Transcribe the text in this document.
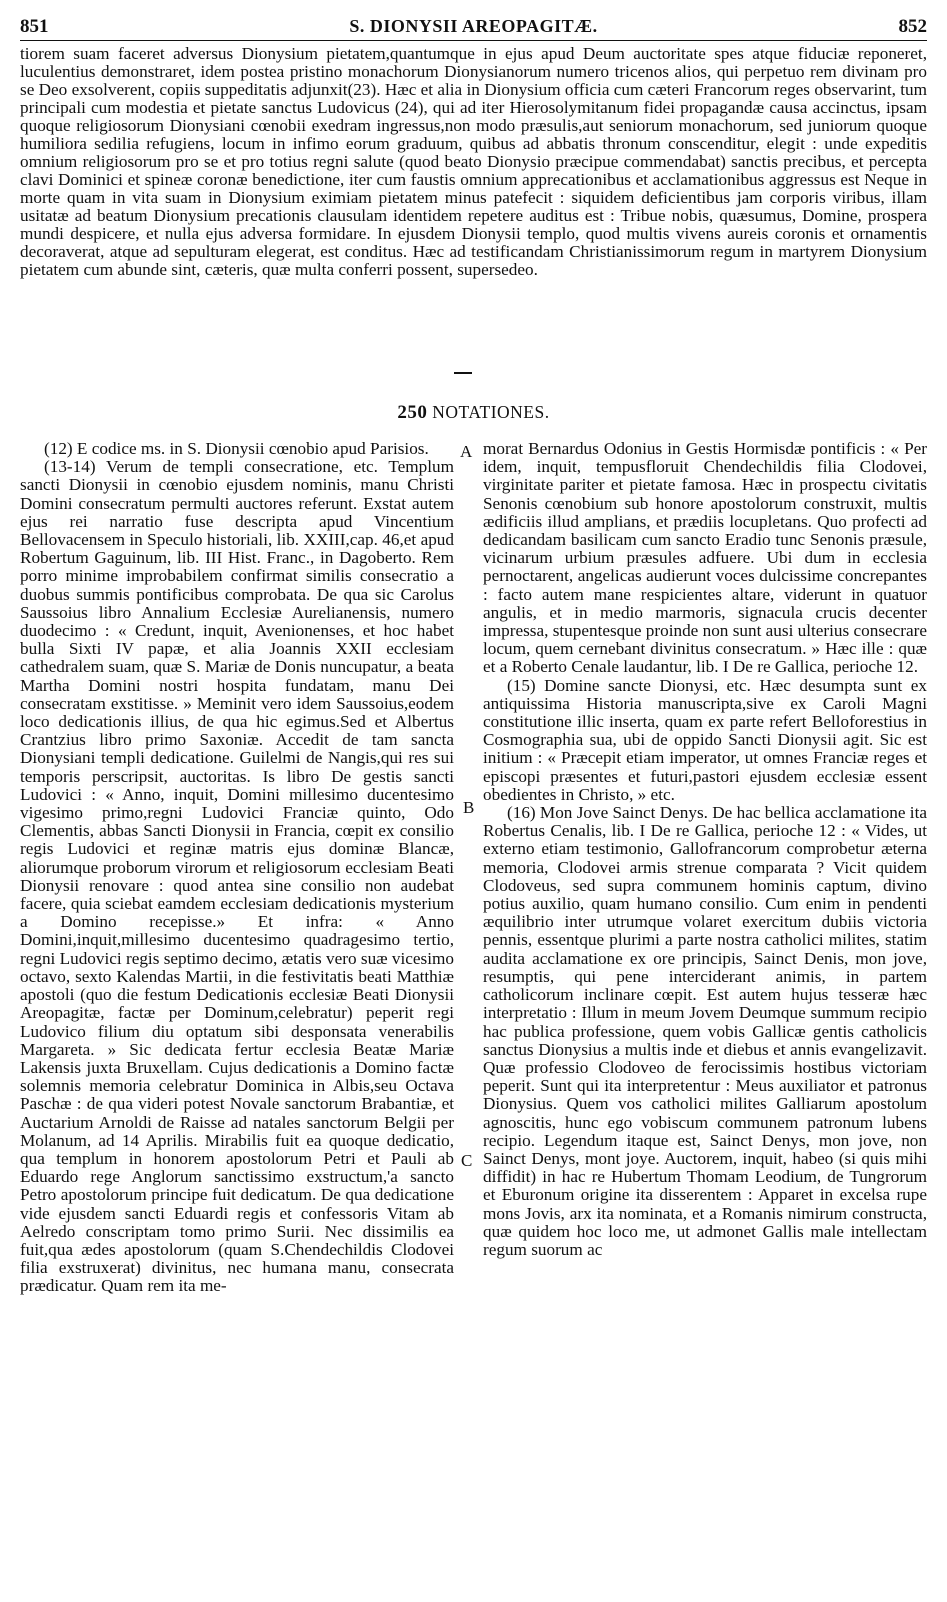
851	S. DIONYSII AREOPAGITÆ.	852

tiorem suam faceret adversus Dionysium pietatem,quantumque in ejus apud Deum auctoritate spes atque fiduciæ reponeret, luculentius demonstraret, idem postea pristino monachorum Dionysianorum numero tricenos alios, qui perpetuo rem divinam pro se Deo exsolverent, copiis suppeditatis adjunxit(23). Hæc et alia in Dionysium officia cum cæteri Francorum reges observarint, tum principali cum modestia et pietate sanctus Ludovicus (24), qui ad iter Hierosolymitanum fidei propagandæ causa accinctus, ipsam quoque religiosorum Dionysiani cœnobii exedram ingressus,non modo præsulis,aut seniorum monachorum, sed juniorum quoque humiliora sedilia refugiens, locum in infimo eorum graduum, quibus ad abbatis thronum conscenditur, elegit : unde expeditis omnium religiosorum pro se et pro totius regni salute (quod beato Dionysio præcipue commendabat) sanctis precibus, et percepta clavi Dominici et spineæ coronæ benedictione, iter cum faustis omnium apprecationibus et acclamationibus aggressus est Neque in morte quam in vita suam in Dionysium eximiam pietatem minus patefecit : siquidem deficientibus jam corporis viribus, illam usitatæ ad beatum Dionysium precationis clausulam identidem repetere auditus est : Tribue nobis, quæsumus, Domine, prospera mundi despicere, et nulla ejus adversa formidare. In ejusdem Dionysii templo, quod multis vivens aureis coronis et ornamentis decoraverat, atque ad sepulturam elegerat, est conditus. Hæc ad testificandam Christianissimorum regum in martyrem Dionysium pietatem cum abunde sint, cæteris, quæ multa conferri possent, supersedeo.

250 NOTATIONES.
A
B
C

(12) E codice ms. in S. Dionysii cœnobio apud Parisios.

(13-14) Verum de templi consecratione, etc. Templum sancti Dionysii in cœnobio ejusdem nominis, manu Christi Domini consecratum permulti auctores referunt. Exstat autem ejus rei narratio fuse descripta apud Vincentium Bellovacensem in Speculo historiali, lib. XXIII,cap. 46,et apud Robertum Gaguinum, lib. III Hist. Franc., in Dagoberto. Rem porro minime improbabilem confirmat similis consecratio a duobus summis pontificibus comprobata. De qua sic Carolus Saussoius libro Annalium Ecclesiæ Aurelianensis, numero duodecimo : « Credunt, inquit, Avenionenses, et hoc habet bulla Sixti IV papæ, et alia Joannis XXII ecclesiam cathedralem suam, quæ S. Mariæ de Donis nuncupatur, a beata Martha Domini nostri hospita fundatam, manu Dei consecratam exstitisse. » Meminit vero idem Saussoius,eodem loco dedicationis illius, de qua hic egimus.Sed et Albertus Crantzius libro primo Saxoniæ. Accedit de tam sancta Dionysiani templi dedicatione. Guilelmi de Nangis,qui res sui temporis perscripsit, auctoritas. Is libro De gestis sancti Ludovici : « Anno, inquit, Domini millesimo ducentesimo vigesimo primo,regni Ludovici Franciæ quinto, Odo Clementis, abbas Sancti Dionysii in Francia, cœpit ex consilio regis Ludovici et reginæ matris ejus dominæ Blancæ, aliorumque proborum virorum et religiosorum ecclesiam Beati Dionysii renovare : quod antea sine consilio non audebat facere, quia sciebat eamdem ecclesiam dedicationis mysterium a Domino recepisse.» Et infra: « Anno Domini,inquit,millesimo ducentesimo quadragesimo tertio, regni Ludovici regis septimo decimo, ætatis vero suæ vicesimo octavo, sexto Kalendas Martii, in die festivitatis beati Matthiæ apostoli (quo die festum Dedicationis ecclesiæ Beati Dionysii Areopagitæ, factæ per Dominum,celebratur) peperit regi Ludovico filium diu optatum sibi desponsata venerabilis Margareta. » Sic dedicata fertur ecclesia Beatæ Mariæ Lakensis juxta Bruxellam. Cujus dedicationis a Domino factæ solemnis memoria celebratur Dominica in Albis,seu Octava Paschæ : de qua videri potest Novale sanctorum Brabantiæ, et Auctarium Arnoldi de Raisse ad natales sanctorum Belgii per Molanum, ad 14 Aprilis. Mirabilis fuit ea quoque dedicatio, qua templum in honorem apostolorum Petri et Pauli ab Eduardo rege Anglorum sanctissimo exstructum,'a sancto Petro apostolorum principe fuit dedicatum. De qua dedicatione vide ejusdem sancti Eduardi regis et confessoris Vitam ab Aelredo conscriptam tomo primo Surii. Nec dissimilis ea fuit,qua ædes apostolorum (quam S.Chendechildis Clodovei filia exstruxerat) divinitus, nec humana manu, consecrata prædicatur. Quam rem ita me-

morat Bernardus Odonius in Gestis Hormisdæ pontificis : « Per idem, inquit, tempusfloruit Chendechildis filia Clodovei, virginitate pariter et pietate famosa. Hæc in prospectu civitatis Senonis cœnobium sub honore apostolorum construxit, multis ædificiis illud amplians, et prædiis locupletans. Quo profecti ad dedicandam basilicam cum sancto Eradio tunc Senonis præsule, vicinarum urbium præsules adfuere. Ubi dum in ecclesia pernoctarent, angelicas audierunt voces dulcissime concrepantes : facto autem mane respicientes altare, viderunt in quatuor angulis, et in medio marmoris, signacula crucis decenter impressa, stupentesque proinde non sunt ausi ulterius consecrare locum, quem cernebant divinitus consecratum. » Hæc ille : quæ et a Roberto Cenale laudantur, lib. I De re Gallica, perioche 12.

(15) Domine sancte Dionysi, etc. Hæc desumpta sunt ex antiquissima Historia manuscripta,sive ex Caroli Magni constitutione illic inserta, quam ex parte refert Belloforestius in Cosmographia sua, ubi de oppido Sancti Dionysii agit. Sic est initium : « Præcepit etiam imperator, ut omnes Franciæ reges et episcopi præsentes et futuri,pastori ejusdem ecclesiæ essent obedientes in Christo, » etc.

(16) Mon Jove Sainct Denys. De hac bellica acclamatione ita Robertus Cenalis, lib. I De re Gallica, perioche 12 : « Vides, ut externo etiam testimonio, Gallofrancorum comprobetur æterna memoria, Clodovei armis strenue comparata ? Vicit quidem Clodoveus, sed supra communem hominis captum, divino potius auxilio, quam humano consilio. Cum enim in pendenti æquilibrio inter utrumque volaret exercitum dubiis victoria pennis, essentque plurimi a parte nostra catholici milites, statim audita acclamatione ex ore principis, Sainct Denis, mon jove, resumptis, qui pene interciderant animis, in partem catholicorum inclinare cœpit. Est autem hujus tesseræ hæc interpretatio : Illum in meum Jovem Deumque summum recipio hac publica professione, quem vobis Gallicæ gentis catholicis sanctus Dionysius a multis inde et diebus et annis evangelizavit. Quæ professio Clodoveo de ferocissimis hostibus victoriam peperit. Sunt qui ita interpretentur : Meus auxiliator et patronus Dionysius. Quem vos catholici milites Galliarum apostolum agnoscitis, hunc ego vobiscum communem patronum lubens recipio. Legendum itaque est, Sainct Denys, mon jove, non Sainct Denys, mont joye. Auctorem, inquit, habeo (si quis mihi diffidit) in hac re Hubertum Thomam Leodium, de Tungrorum et Eburonum origine ita disserentem : Apparet in excelsa rupe mons Jovis, arx ita nominata, et a Romanis nimirum constructa, quæ quidem hoc loco me, ut admonet Gallis male intellectam regum suorum ac
